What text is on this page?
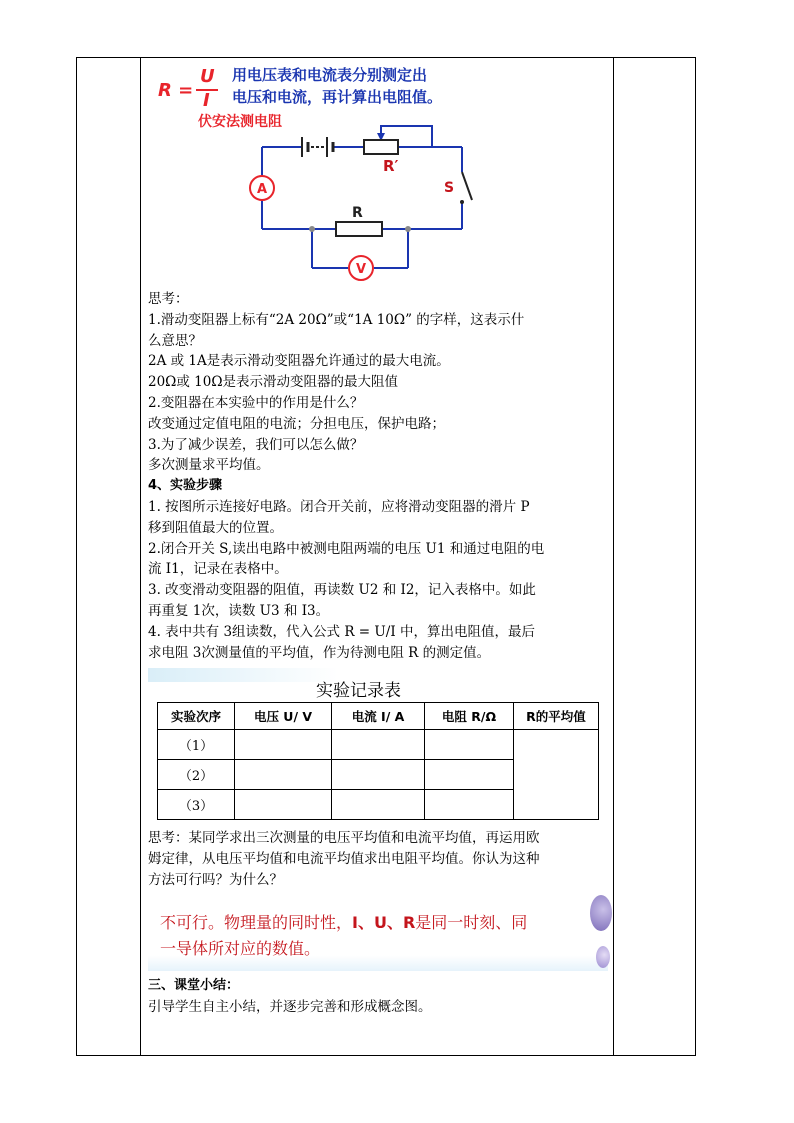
R =
U
I
用电压表和电流表分别测定出
电压和电流，再计算出电阻值。
伏安法测电阻
A
V
R′
S
R

思考：

1.滑动变阻器上标有“2A 20Ω”或“1A 10Ω” 的字样，这表示什

么意思？

2A 或 1A是表示滑动变阻器允许通过的最大电流。

20Ω或 10Ω是表示滑动变阻器的最大阻值

2.变阻器在本实验中的作用是什么？

改变通过定值电阻的电流；分担电压，保护电路；

3.为了减少误差，我们可以怎么做？

多次测量求平均值。

4、实验步骤

1. 按图所示连接好电路。闭合开关前，应将滑动变阻器的滑片 P

移到阻值最大的位置。

2.闭合开关 S,读出电路中被测电阻两端的电压 U1 和通过电阻的电

流 I1，记录在表格中。

3. 改变滑动变阻器的阻值，再读数 U2 和 I2，记入表格中。如此

再重复 1次，读数 U3 和 I3。

4. 表中共有 3组读数，代入公式 R = U/I 中，算出电阻值，最后

求电阻 3次测量值的平均值，作为待测电阻 R 的测定值。

实验记录表
实验次序	电压 U/ V	电流 I/ A	电阻 R/Ω	R的平均值
（1）				
（2）				
（3）				

思考：某同学求出三次测量的电压平均值和电流平均值，再运用欧

姆定律，从电压平均值和电流平均值求出电阻平均值。你认为这种

方法可行吗？为什么？

不可行。物理量的同时性，I、U、R是同一时刻、同
一导体所对应的数值。

三、课堂小结：

引导学生自主小结，并逐步完善和形成概念图。
